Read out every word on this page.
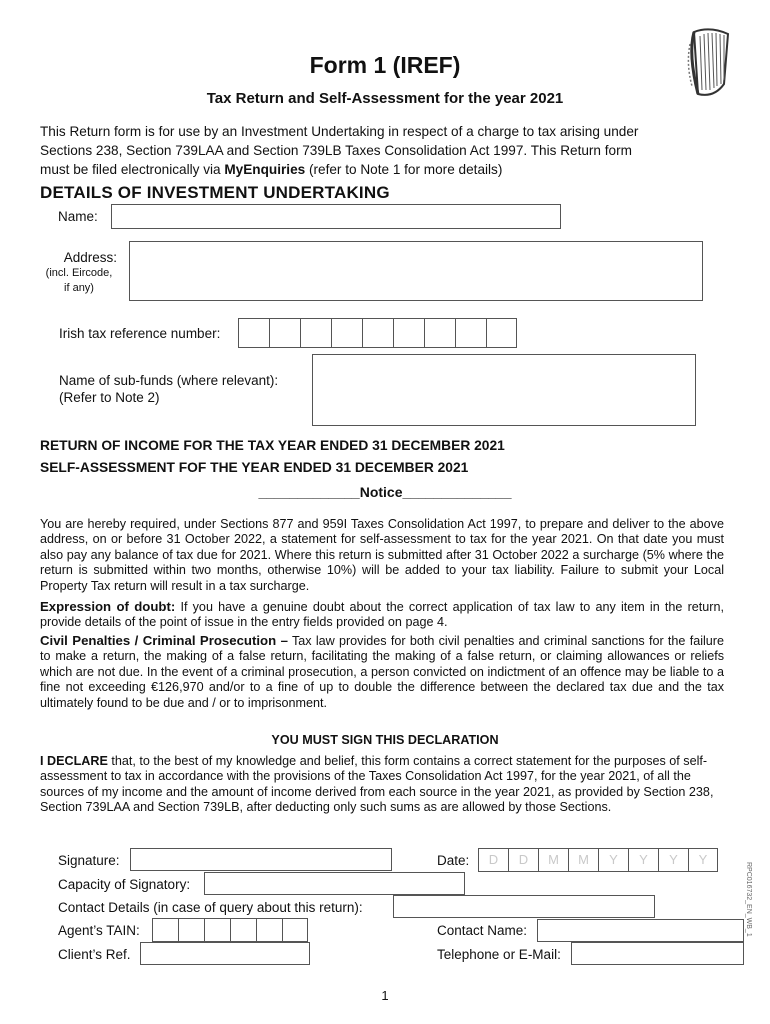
Form 1 (IREF)
Tax Return and Self-Assessment for the year 2021
This Return form is for use by an Investment Undertaking in respect of a charge to tax arising under
Sections 238, Section 739LAA and Section 739LB Taxes Consolidation Act 1997. This Return form
must be filed electronically via MyEnquiries (refer to Note 1 for more details)
DETAILS OF INVESTMENT UNDERTAKING
Name:
Address:
(incl. Eircode,
if any)
Irish tax reference number:
Name of sub-funds (where relevant):
(Refer to Note 2)
RETURN OF INCOME FOR THE TAX YEAR ENDED 31 DECEMBER 2021
SELF-ASSESSMENT FOF THE YEAR ENDED 31 DECEMBER 2021
_____________Notice______________
You are hereby required, under Sections 877 and 959I Taxes Consolidation Act 1997, to prepare and deliver to the above address, on or before 31 October 2022, a statement for self-assessment to tax for the year 2021. On that date you must also pay any balance of tax due for 2021. Where this return is submitted after 31 October 2022 a surcharge (5% where the return is submitted within two months, otherwise 10%) will be added to your tax liability. Failure to submit your Local Property Tax return will result in a tax surcharge.
Expression of doubt: If you have a genuine doubt about the correct application of tax law to any item in the return, provide details of the point of issue in the entry fields provided on page 4.
Civil Penalties / Criminal Prosecution – Tax law provides for both civil penalties and criminal sanctions for the failure to make a return, the making of a false return, facilitating the making of a false return, or claiming allowances or reliefs which are not due. In the event of a criminal prosecution, a person convicted on indictment of an offence may be liable to a fine not exceeding €126,970 and/or to a fine of up to double the difference between the declared tax due and the tax ultimately found to be due and / or to imprisonment.
YOU MUST SIGN THIS DECLARATION
I DECLARE that, to the best of my knowledge and belief, this form contains a correct statement for the purposes of self-assessment to tax in accordance with the provisions of the Taxes Consolidation Act 1997, for the year 2021, of all the sources of my income and the amount of income derived from each source in the year 2021, as provided by Section 238, Section 739LAA and Section 739LB, after deducting only such sums as are allowed by those Sections.
Signature:	Date:	D	D	M	M	Y	Y	Y	Y
Capacity of Signatory:
Contact Details (in case of query about this return):
Agent’s TAIN:	Contact Name:
Client’s Ref.	Telephone or E-Mail:
RPC016732_EN_WB_1
1
